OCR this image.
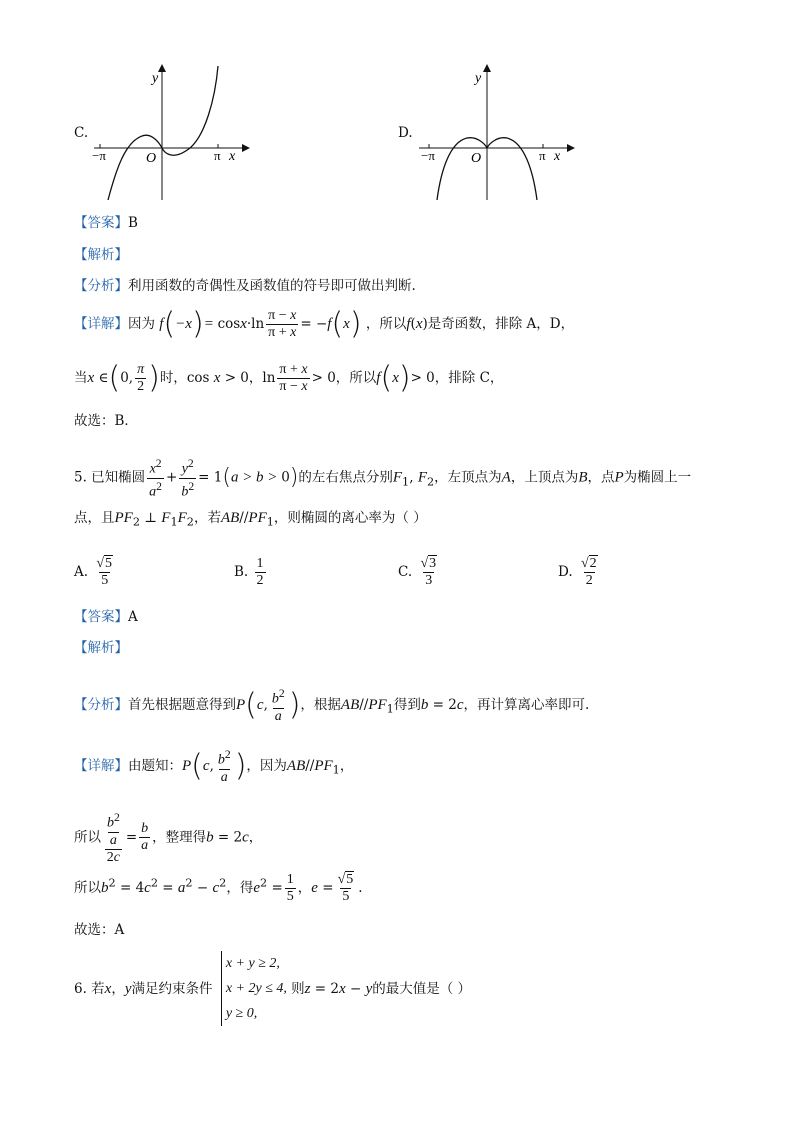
C.
y
O
−π	π x
D.
y
O
−π	π x
【答案】B
【解析】
【分析】利用函数的奇偶性及函数值的符号即可做出判断.
【详解】因为 $f(-x)= \cos x\cdot\ln \frac{\pi - x}{\pi + x} = -f(x)$ ，所以f(x)是奇函数，排除 A，D，
当x ∈(0, $\frac{\pi}{2}$ )时，cos x > 0，$\ln \frac{\pi + x}{\pi - x} > 0$，所以f(x)> 0，排除 C，
故选：B．
5. 已知椭圆 $\frac{x^2}{a^2} + \frac{y^2}{b^2} = 1(a > b > 0)$的左右焦点分别$F_1$, $F_2$，左顶点为A，上顶点为B，点P为椭圆上一
点，且$PF_2$ ⊥ $F_1F_2$，若$AB//PF_1$，则椭圆的离心率为（ ）
A. $\frac{√5}{5}$	B. $\frac{1}{2}$	C. $\frac{√3}{3}$	D. $\frac{√2}{2}$
【答案】A
【解析】
【分析】首先根据题意得到P(c, $\frac{b^2}{a}$ )，根据$AB//PF_1$得到b = 2c，再计算离心率即可.
【详解】由题知：P(c, $\frac{b^2}{a}$ )，因为$AB//PF_1$，
所以 $\frac{\frac{b^2}{a}}{2c} = \frac{b}{a}$ ，整理得b = 2c，
所以$b^2 = 4c^2 = a^2 - c^2$，得$e^2 = \frac{1}{5}$ ，$e = \frac{√5}{5}$ .
故选：A
6. 若x，y满足约束条件
x + y ≥ 2,
x + 2y ≤ 4,
y ≥ 0,
则z = 2x − y的最大值是（ ）
